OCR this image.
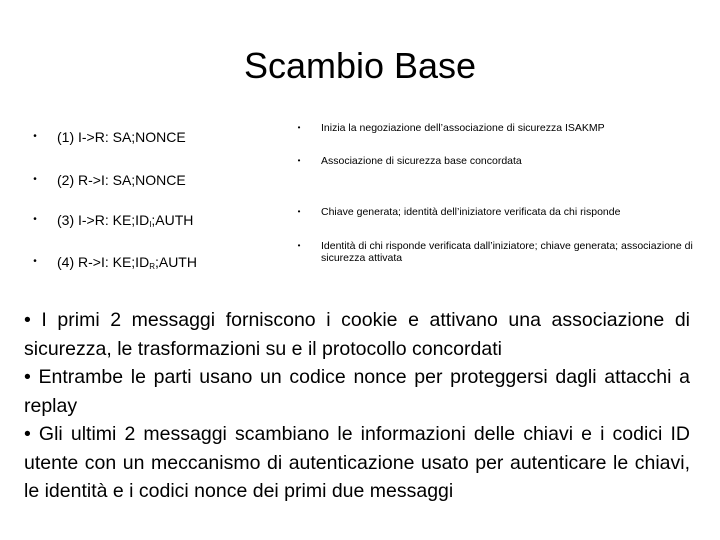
Scambio Base
•	(1) I->R: SA;NONCE
•	(2) R->I: SA;NONCE
•	(3) I->R: $KE;ID_I;AUTH$
•	(4) R->I: $KE;ID_R;AUTH$
•	Inizia la negoziazione dell’associazione di sicurezza ISAKMP
•	Associazione di sicurezza base concordata
•	Chiave generata; identità dell’iniziatore verificata da chi risponde
•	Identità di chi risponde verificata dall’iniziatore; chiave generata; associazione di sicurezza attivata

• I primi 2 messaggi forniscono i cookie e attivano una associazione di sicurezza, le trasformazioni su e il protocollo concordati

• Entrambe le parti usano un codice nonce per proteggersi dagli attacchi a replay

• Gli ultimi 2 messaggi scambiano le informazioni delle chiavi e i codici ID utente con un meccanismo di autenticazione usato per autenticare le chiavi, le identità e i codici nonce dei primi due messaggi
